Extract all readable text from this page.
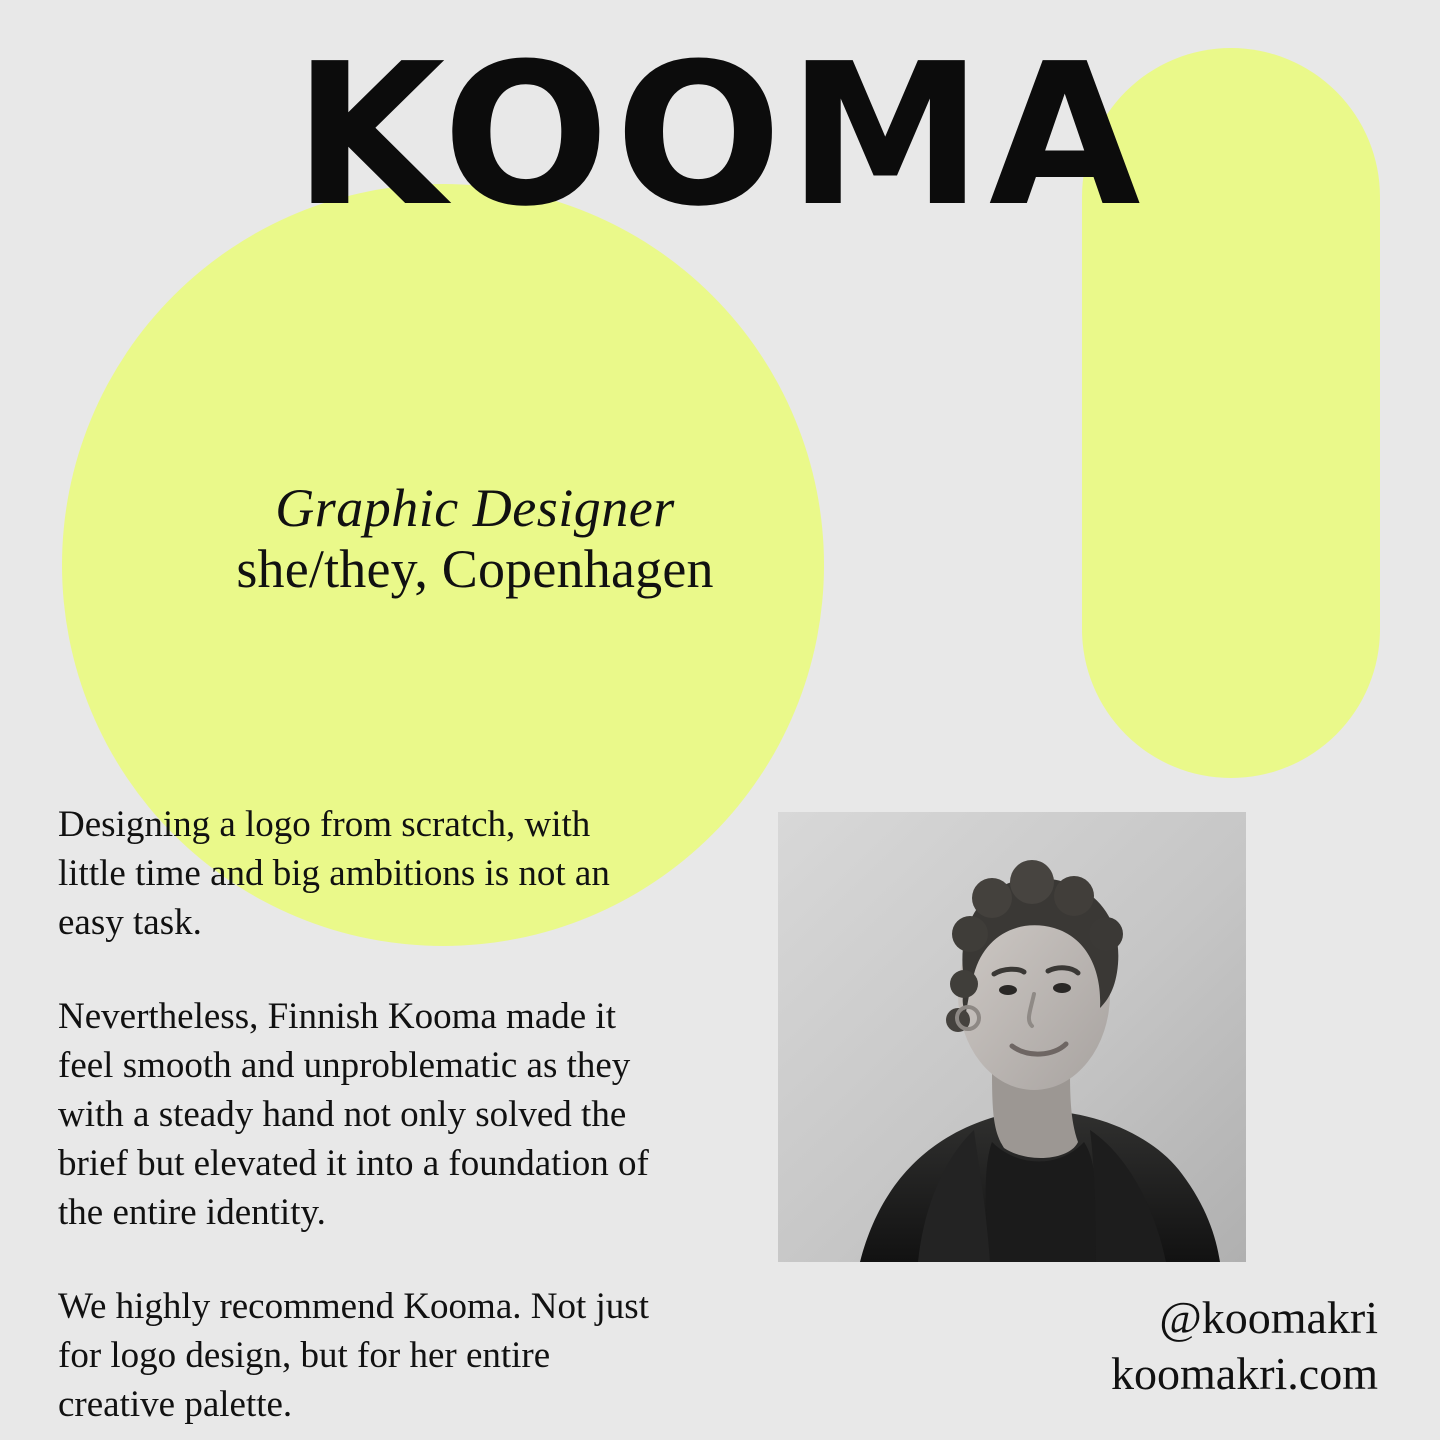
KOOMA
Graphic Designer
she/they, Copenhagen

Designing a logo from scratch, with little time and big ambitions is not an easy task.

Nevertheless, Finnish Kooma made it feel smooth and unproblematic as they with a steady hand not only solved the brief but elevated it into a foundation of the entire identity.

We highly recommend Kooma. Not just for logo design, but for her entire creative palette.

@koomakri
koomakri.com
